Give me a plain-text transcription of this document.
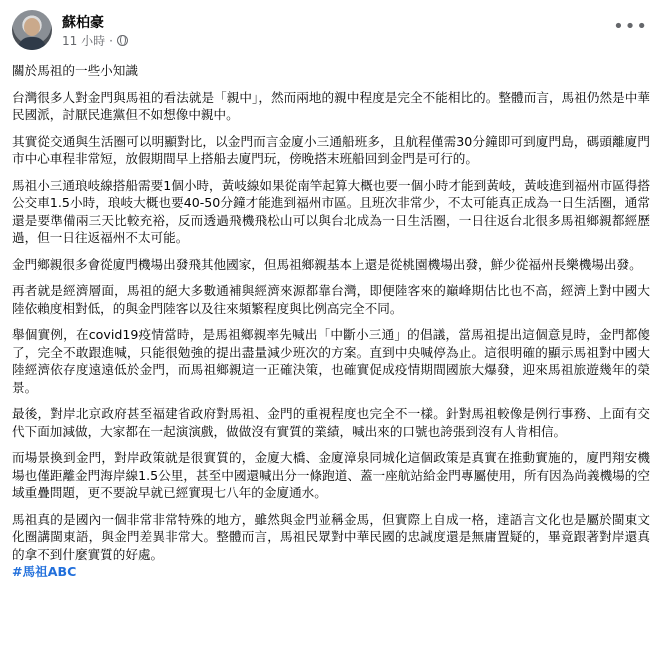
蘇柏豪
11 小時 ·
•••

關於馬祖的一些小知識

台灣很多人對金門與馬祖的看法就是「親中」，然而兩地的親中程度是完全不能相比的。整體而言，馬祖仍然是中華民國派，討厭民進黨但不如想像中親中。

其實從交通與生活圈可以明顯對比，以金門而言金廈小三通船班多，且航程僅需30分鐘即可到廈門島，碼頭離廈門市中心車程非常短，放假期間早上搭船去廈門玩，傍晚搭末班船回到金門是可行的。

馬祖小三通琅岐線搭船需要1個小時，黃岐線如果從南竿起算大概也要一個小時才能到黃岐，黃岐進到福州市區得搭公交車1.5小時，琅岐大概也要40-50分鐘才能進到福州市區。且班次非常少，不太可能真正成為一日生活圈，通常還是要準備兩三天比較充裕，反而透過飛機飛松山可以與台北成為一日生活圈，一日往返台北很多馬祖鄉親都經歷過，但一日往返福州不太可能。

金門鄉親很多會從廈門機場出發飛其他國家，但馬祖鄉親基本上還是從桃園機場出發，鮮少從福州長樂機場出發。

再者就是經濟層面，馬祖的絕大多數通補與經濟來源都靠台灣，即便陸客來的巔峰期估比也不高，經濟上對中國大陸依賴度相對低，的與金門陸客以及往來頻繁程度與比例高完全不同。

舉個實例，在covid19疫情當時，是馬祖鄉親率先喊出「中斷小三通」的倡議，當馬祖提出這個意見時，金門都傻了，完全不敢跟進喊，只能很勉強的提出盡量減少班次的方案。直到中央喊停為止。這很明確的顯示馬祖對中國大陸經濟依存度遠遠低於金門，而馬祖鄉親這一正確決策，也確實促成疫情期間國旅大爆發，迎來馬祖旅遊幾年的榮景。

最後，對岸北京政府甚至福建省政府對馬祖、金門的重視程度也完全不一樣。針對馬祖較像是例行事務、上面有交代下面加減做，大家都在一起演演戲，做做沒有實質的業績，喊出來的口號也誇張到沒有人肯相信。

而場景換到金門，對岸政策就是很實質的，金廈大橋、金廈漳泉同城化這個政策是真實在推動實施的，廈門翔安機場也僅距離金門海岸線1.5公里，甚至中國還喊出分一條跑道、蓋一座航站給金門專屬使用，所有因為尚義機場的空域重疊問題，更不要說早就已經實現七八年的金廈通水。

馬祖真的是國內一個非常非常特殊的地方，雖然與金門並稱金馬，但實際上自成一格，達語言文化也是屬於閩東文化圈講閩東語，與金門差異非常大。整體而言，馬祖民眾對中華民國的忠誠度還是無庸置疑的，畢竟跟著對岸還真的拿不到什麼實質的好處。

#馬祖ABC
